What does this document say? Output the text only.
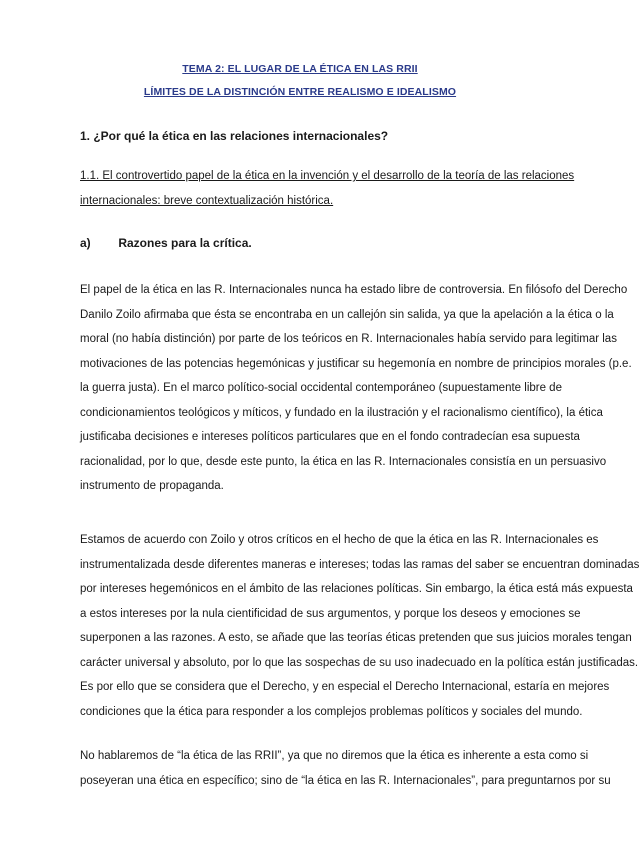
TEMA 2: EL LUGAR DE LA ÉTICA EN LAS RRII
LÍMITES DE LA DISTINCIÓN ENTRE REALISMO E IDEALISMO
1. ¿Por qué la ética en las relaciones internacionales?
1.1. El controvertido papel de la ética en la invención y el desarrollo de la teoría de las relaciones
internacionales: breve contextualización histórica.
a) Razones para la crítica.
El papel de la ética en las R. Internacionales nunca ha estado libre de controversia. En filósofo del Derecho
Danilo Zoilo afirmaba que ésta se encontraba en un callejón sin salida, ya que la apelación a la ética o la
moral (no había distinción) por parte de los teóricos en R. Internacionales había servido para legitimar las
motivaciones de las potencias hegemónicas y justificar su hegemonía en nombre de principios morales (p.e.
la guerra justa). En el marco político-social occidental contemporáneo (supuestamente libre de
condicionamientos teológicos y míticos, y fundado en la ilustración y el racionalismo científico), la ética
justificaba decisiones e intereses políticos particulares que en el fondo contradecían esa supuesta
racionalidad, por lo que, desde este punto, la ética en las R. Internacionales consistía en un persuasivo
instrumento de propaganda.
Estamos de acuerdo con Zoilo y otros críticos en el hecho de que la ética en las R. Internacionales es
instrumentalizada desde diferentes maneras e intereses; todas las ramas del saber se encuentran dominadas
por intereses hegemónicos en el ámbito de las relaciones políticas. Sin embargo, la ética está más expuesta
a estos intereses por la nula cientificidad de sus argumentos, y porque los deseos y emociones se
superponen a las razones. A esto, se añade que las teorías éticas pretenden que sus juicios morales tengan
carácter universal y absoluto, por lo que las sospechas de su uso inadecuado en la política están justificadas.
Es por ello que se considera que el Derecho, y en especial el Derecho Internacional, estaría en mejores
condiciones que la ética para responder a los complejos problemas políticos y sociales del mundo.
No hablaremos de “la ética de las RRII”, ya que no diremos que la ética es inherente a esta como si
poseyeran una ética en específico; sino de “la ética en las R. Internacionales”, para preguntarnos por su
